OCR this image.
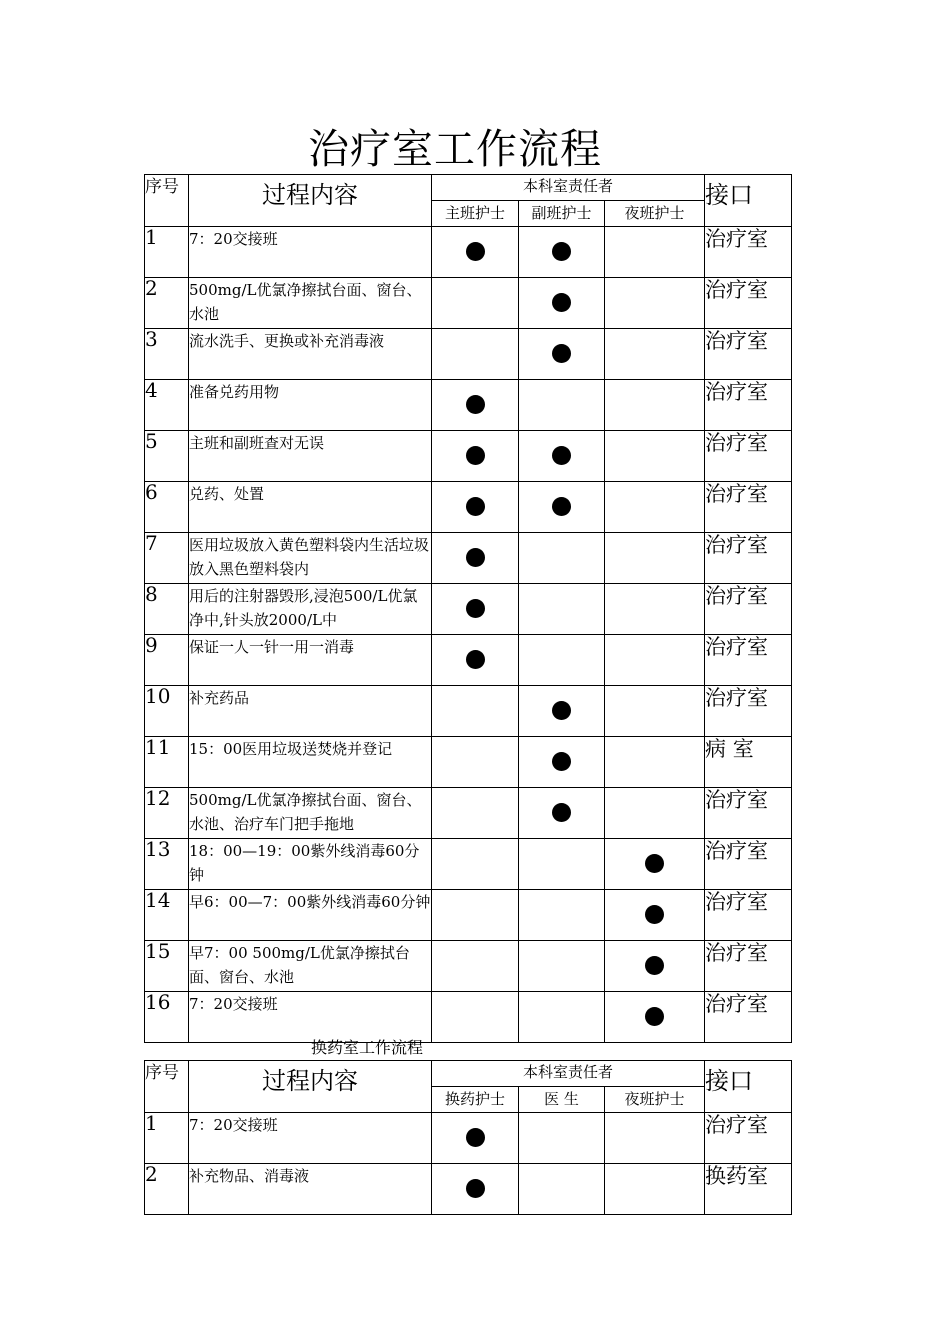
治疗室工作流程
序号	过程内容	本科室责任者			接口
		主班护士	副班护士	夜班护士	
1	7：20交接班				治疗室
2	500mg/L优氯净擦拭台面、窗台、水池				治疗室
3	流水洗手、更换或补充消毒液				治疗室
4	准备兑药用物				治疗室
5	主班和副班查对无误				治疗室
6	兑药、处置				治疗室
7	医用垃圾放入黄色塑料袋内生活垃圾放入黑色塑料袋内				治疗室
8	用后的注射器毁形,浸泡500/L优氯净中,针头放2000/L中				治疗室
9	保证一人一针一用一消毒				治疗室
10	补充药品				治疗室
11	15：00医用垃圾送焚烧并登记				病 室
12	500mg/L优氯净擦拭台面、窗台、水池、治疗车门把手拖地				治疗室
13	18：00—19：00紫外线消毒60分钟				治疗室
14	早6：00—7：00紫外线消毒60分钟				治疗室
15	早7：00 500mg/L优氯净擦拭台面、窗台、水池				治疗室
16	7：20交接班				治疗室
换药室工作流程
序号	过程内容	本科室责任者			接口
		换药护士	医 生	夜班护士	
1	7：20交接班				治疗室
2	补充物品、消毒液				换药室
